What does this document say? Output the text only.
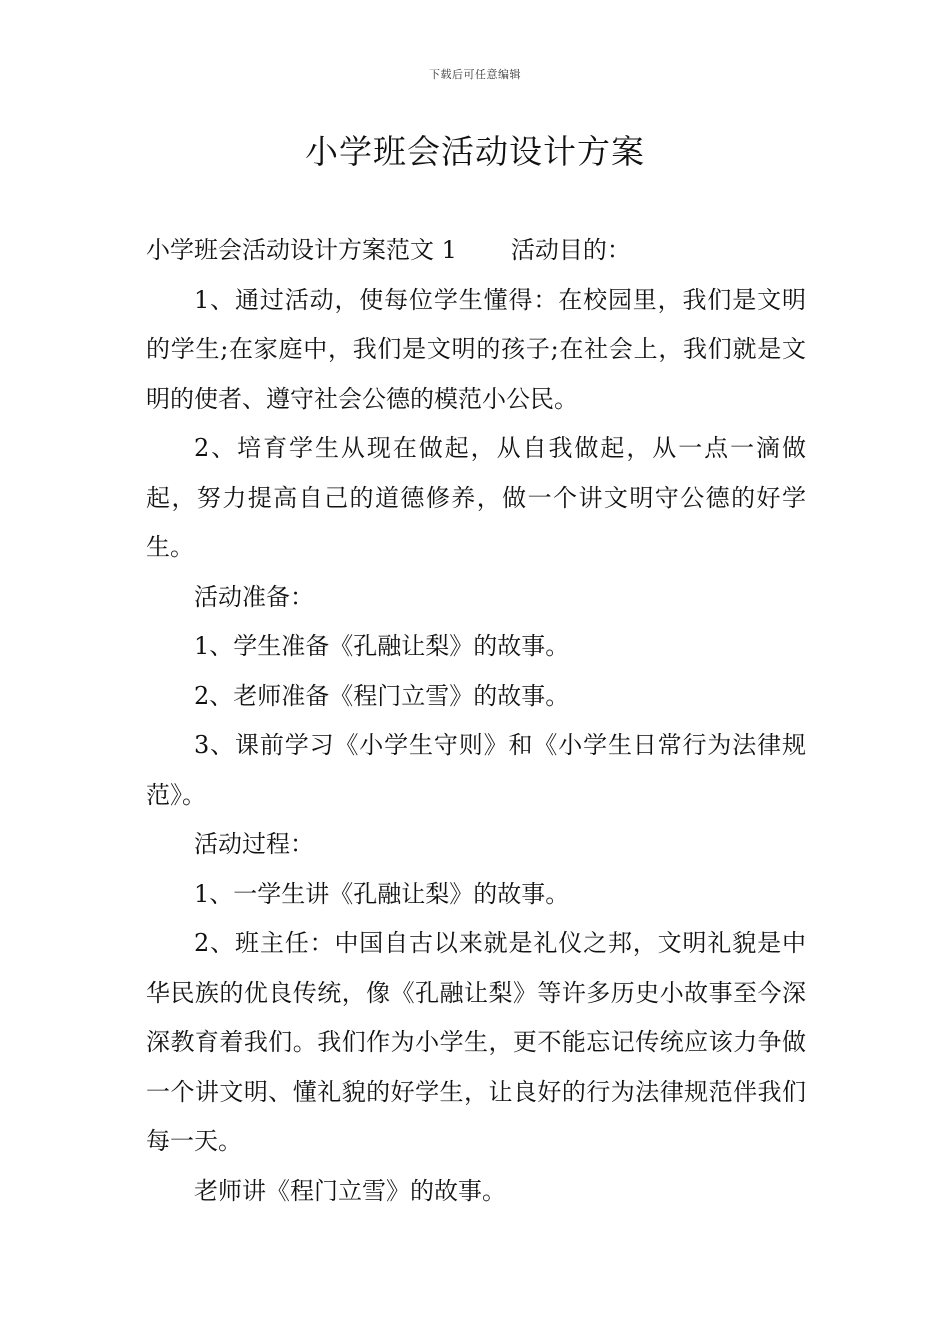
下载后可任意编辑
小学班会活动设计方案

小学班会活动设计方案范文 1 活动目的：

1、通过活动，使每位学生懂得：在校园里，我们是文明的学生;在家庭中，我们是文明的孩子;在社会上，我们就是文明的使者、遵守社会公德的模范小公民。

2、培育学生从现在做起，从自我做起，从一点一滴做起，努力提高自己的道德修养，做一个讲文明守公德的好学生。

活动准备：

1、学生准备《孔融让梨》的故事。

2、老师准备《程门立雪》的故事。

3、课前学习《小学生守则》和《小学生日常行为法律规范》。

活动过程：

1、一学生讲《孔融让梨》的故事。

2、班主任：中国自古以来就是礼仪之邦，文明礼貌是中华民族的优良传统，像《孔融让梨》等许多历史小故事至今深深教育着我们。我们作为小学生，更不能忘记传统应该力争做一个讲文明、懂礼貌的好学生，让良好的行为法律规范伴我们每一天。

老师讲《程门立雪》的故事。
